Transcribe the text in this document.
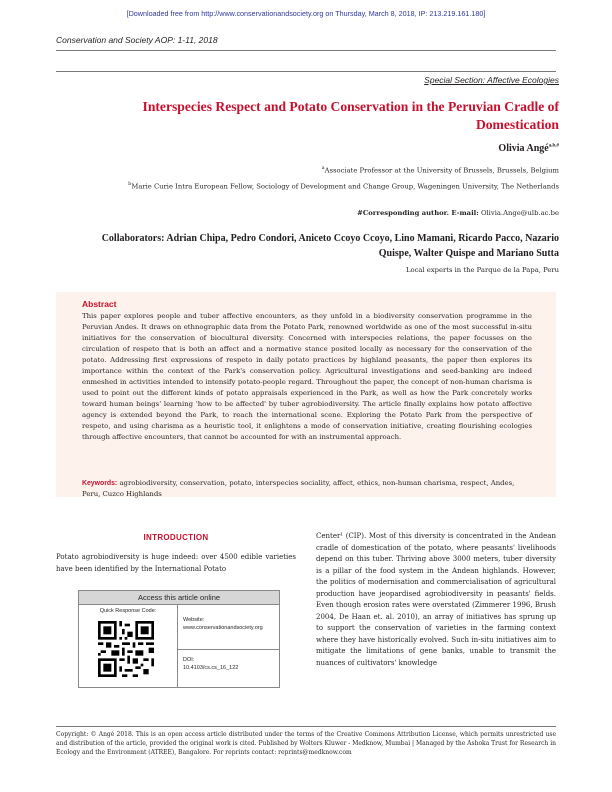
[Downloaded free from http://www.conservationandsociety.org on Thursday, March 8, 2018, IP: 213.219.161.180]
Conservation and Society AOP: 1-11, 2018
Special Section: Affective Ecologies
Interspecies Respect and Potato Conservation in the Peruvian Cradle of Domestication
Olivia Angé$^{a,b,\#}$
$^a$Associate Professor at the University of Brussels, Brussels, Belgium
$^b$Marie Curie Intra European Fellow, Sociology of Development and Change Group, Wageningen University, The Netherlands
#Corresponding author. E-mail: Olivia.Ange@ulb.ac.be
Collaborators: Adrian Chipa, Pedro Condori, Aniceto Ccoyo Ccoyo, Lino Mamani, Ricardo Pacco, Nazario Quispe, Walter Quispe and Mariano Sutta
Local experts in the Parque de la Papa, Peru
Abstract
This paper explores people and tuber affective encounters, as they unfold in a biodiversity conservation programme in the Peruvian Andes. It draws on ethnographic data from the Potato Park, renowned worldwide as one of the most successful in-situ initiatives for the conservation of biocultural diversity. Concerned with interspecies relations, the paper focusses on the circulation of respeto that is both an affect and a normative stance posited locally as necessary for the conservation of the potato. Addressing first expressions of respeto in daily potato practices by highland peasants, the paper then explores its importance within the context of the Park's conservation policy. Agricultural investigations and seed-banking are indeed enmeshed in activities intended to intensify potato-people regard. Throughout the paper, the concept of non-human charisma is used to point out the different kinds of potato appraisals experienced in the Park, as well as how the Park concretely works toward human beings' learning 'how to be affected' by tuber agrobiodiversity. The article finally explains how potato affective agency is extended beyond the Park, to reach the international scene. Exploring the Potato Park from the perspective of respeto, and using charisma as a heuristic tool, it enlightens a mode of conservation initiative, creating flourishing ecologies through affective encounters, that cannot be accounted for with an instrumental approach.
Keywords: agrobiodiversity, conservation, potato, interspecies sociality, affect, ethics, non-human charisma, respect, Andes, Peru, Cuzco Highlands
INTRODUCTION
Potato agrobiodiversity is huge indeed: over 4500 edible varieties have been identified by the International Potato
Access this article online
Quick Response Code:
Website:
www.conservationandsociety.org
DOI:
10.4103/cs.cs_16_122
Center¹ (CIP). Most of this diversity is concentrated in the Andean cradle of domestication of the potato, where peasants' livelihoods depend on this tuber. Thriving above 3000 meters, tuber diversity is a pillar of the food system in the Andean highlands. However, the politics of modernisation and commercialisation of agricultural production have jeopardised agrobiodiversity in peasants' fields. Even though erosion rates were overstated (Zimmerer 1996, Brush 2004, De Haan et. al. 2010), an array of initiatives has sprung up to support the conservation of varieties in the farming context where they have historically evolved. Such in-situ initiatives aim to mitigate the limitations of gene banks, unable to transmit the nuances of cultivators' knowledge
Copyright: © Angé 2018. This is an open access article distributed under the terms of the Creative Commons Attribution License, which permits unrestricted use and distribution of the article, provided the original work is cited. Published by Wolters Kluwer - Medknow, Mumbai | Managed by the Ashoka Trust for Research in Ecology and the Environment (ATREE), Bangalore. For reprints contact: reprints@medknow.com
